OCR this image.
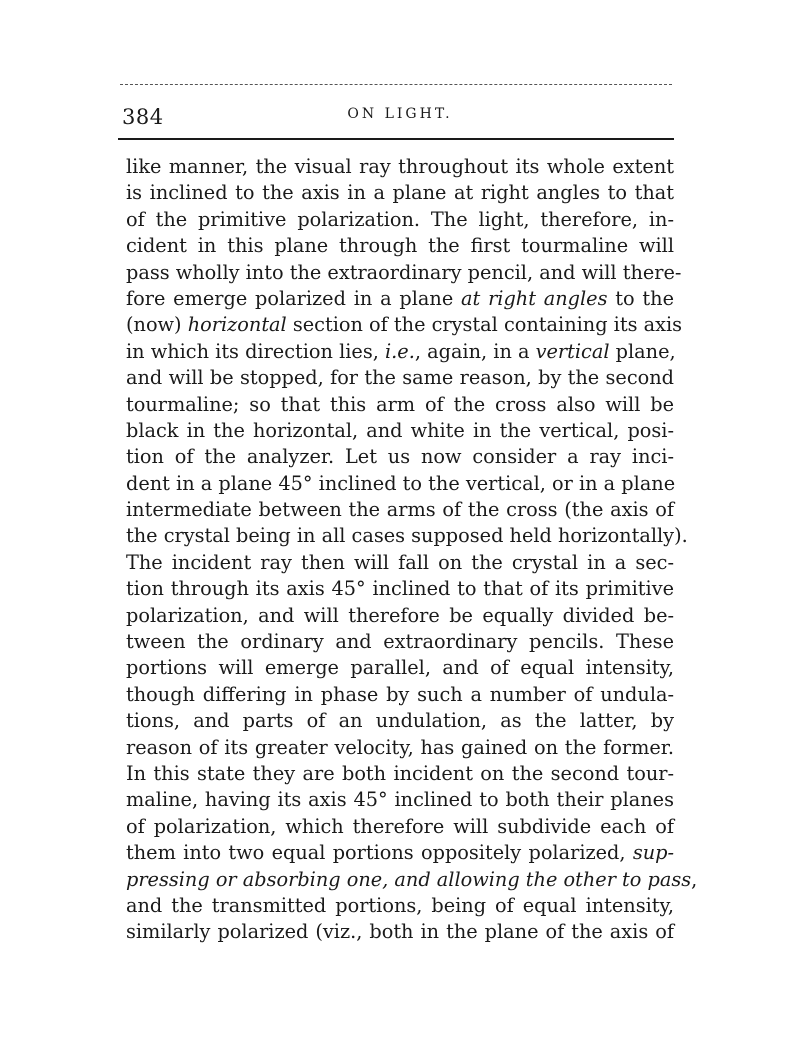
384	ON LIGHT.
like manner, the visual ray throughout its whole extent
is inclined to the axis in a plane at right angles to that
of the primitive polarization. The light, therefore, in-
cident in this plane through the first tourmaline will
pass wholly into the extraordinary pencil, and will there-
fore emerge polarized in a plane at right angles to the
(now) horizontal section of the crystal containing its axis
in which its direction lies, i.e., again, in a vertical plane,
and will be stopped, for the same reason, by the second
tourmaline; so that this arm of the cross also will be
black in the horizontal, and white in the vertical, posi-
tion of the analyzer. Let us now consider a ray inci-
dent in a plane 45° inclined to the vertical, or in a plane
intermediate between the arms of the cross (the axis of
the crystal being in all cases supposed held horizontally).
The incident ray then will fall on the crystal in a sec-
tion through its axis 45° inclined to that of its primitive
polarization, and will therefore be equally divided be-
tween the ordinary and extraordinary pencils. These
portions will emerge parallel, and of equal intensity,
though differing in phase by such a number of undula-
tions, and parts of an undulation, as the latter, by
reason of its greater velocity, has gained on the former.
In this state they are both incident on the second tour-
maline, having its axis 45° inclined to both their planes
of polarization, which therefore will subdivide each of
them into two equal portions oppositely polarized, sup-
pressing or absorbing one, and allowing the other to pass,
and the transmitted portions, being of equal intensity,
similarly polarized (viz., both in the plane of the axis of
